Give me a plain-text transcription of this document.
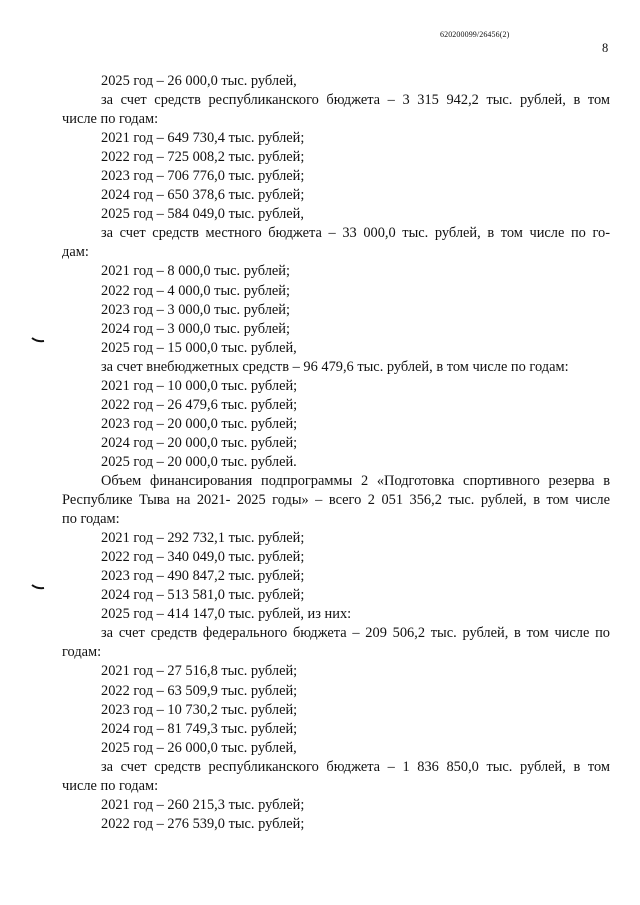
620200099/26456(2)
8
2025 год – 26 000,0 тыс. рублей,
за счет средств республиканского бюджета – 3 315 942,2 тыс. рублей, в том
числе по годам:
2021 год – 649 730,4 тыс. рублей;
2022 год – 725 008,2 тыс. рублей;
2023 год – 706 776,0 тыс. рублей;
2024 год – 650 378,6 тыс. рублей;
2025 год – 584 049,0 тыс. рублей,
за счет средств местного бюджета – 33 000,0 тыс. рублей, в том числе по го-
дам:
2021 год – 8 000,0 тыс. рублей;
2022 год – 4 000,0 тыс. рублей;
2023 год – 3 000,0 тыс. рублей;
2024 год – 3 000,0 тыс. рублей;
2025 год – 15 000,0 тыс. рублей,
за счет внебюджетных средств – 96 479,6 тыс. рублей, в том числе по годам:
2021 год – 10 000,0 тыс. рублей;
2022 год – 26 479,6 тыс. рублей;
2023 год – 20 000,0 тыс. рублей;
2024 год – 20 000,0 тыс. рублей;
2025 год – 20 000,0 тыс. рублей.
Объем финансирования подпрограммы 2 «Подготовка спортивного резерва в
Республике Тыва на 2021- 2025 годы» – всего 2 051 356,2 тыс. рублей, в том числе
по годам:
2021 год – 292 732,1 тыс. рублей;
2022 год – 340 049,0 тыс. рублей;
2023 год – 490 847,2 тыс. рублей;
2024 год – 513 581,0 тыс. рублей;
2025 год – 414 147,0 тыс. рублей, из них:
за счет средств федерального бюджета – 209 506,2 тыс. рублей, в том числе по
годам:
2021 год – 27 516,8 тыс. рублей;
2022 год – 63 509,9 тыс. рублей;
2023 год – 10 730,2 тыс. рублей;
2024 год – 81 749,3 тыс. рублей;
2025 год – 26 000,0 тыс. рублей,
за счет средств республиканского бюджета – 1 836 850,0 тыс. рублей, в том
числе по годам:
2021 год – 260 215,3 тыс. рублей;
2022 год – 276 539,0 тыс. рублей;
